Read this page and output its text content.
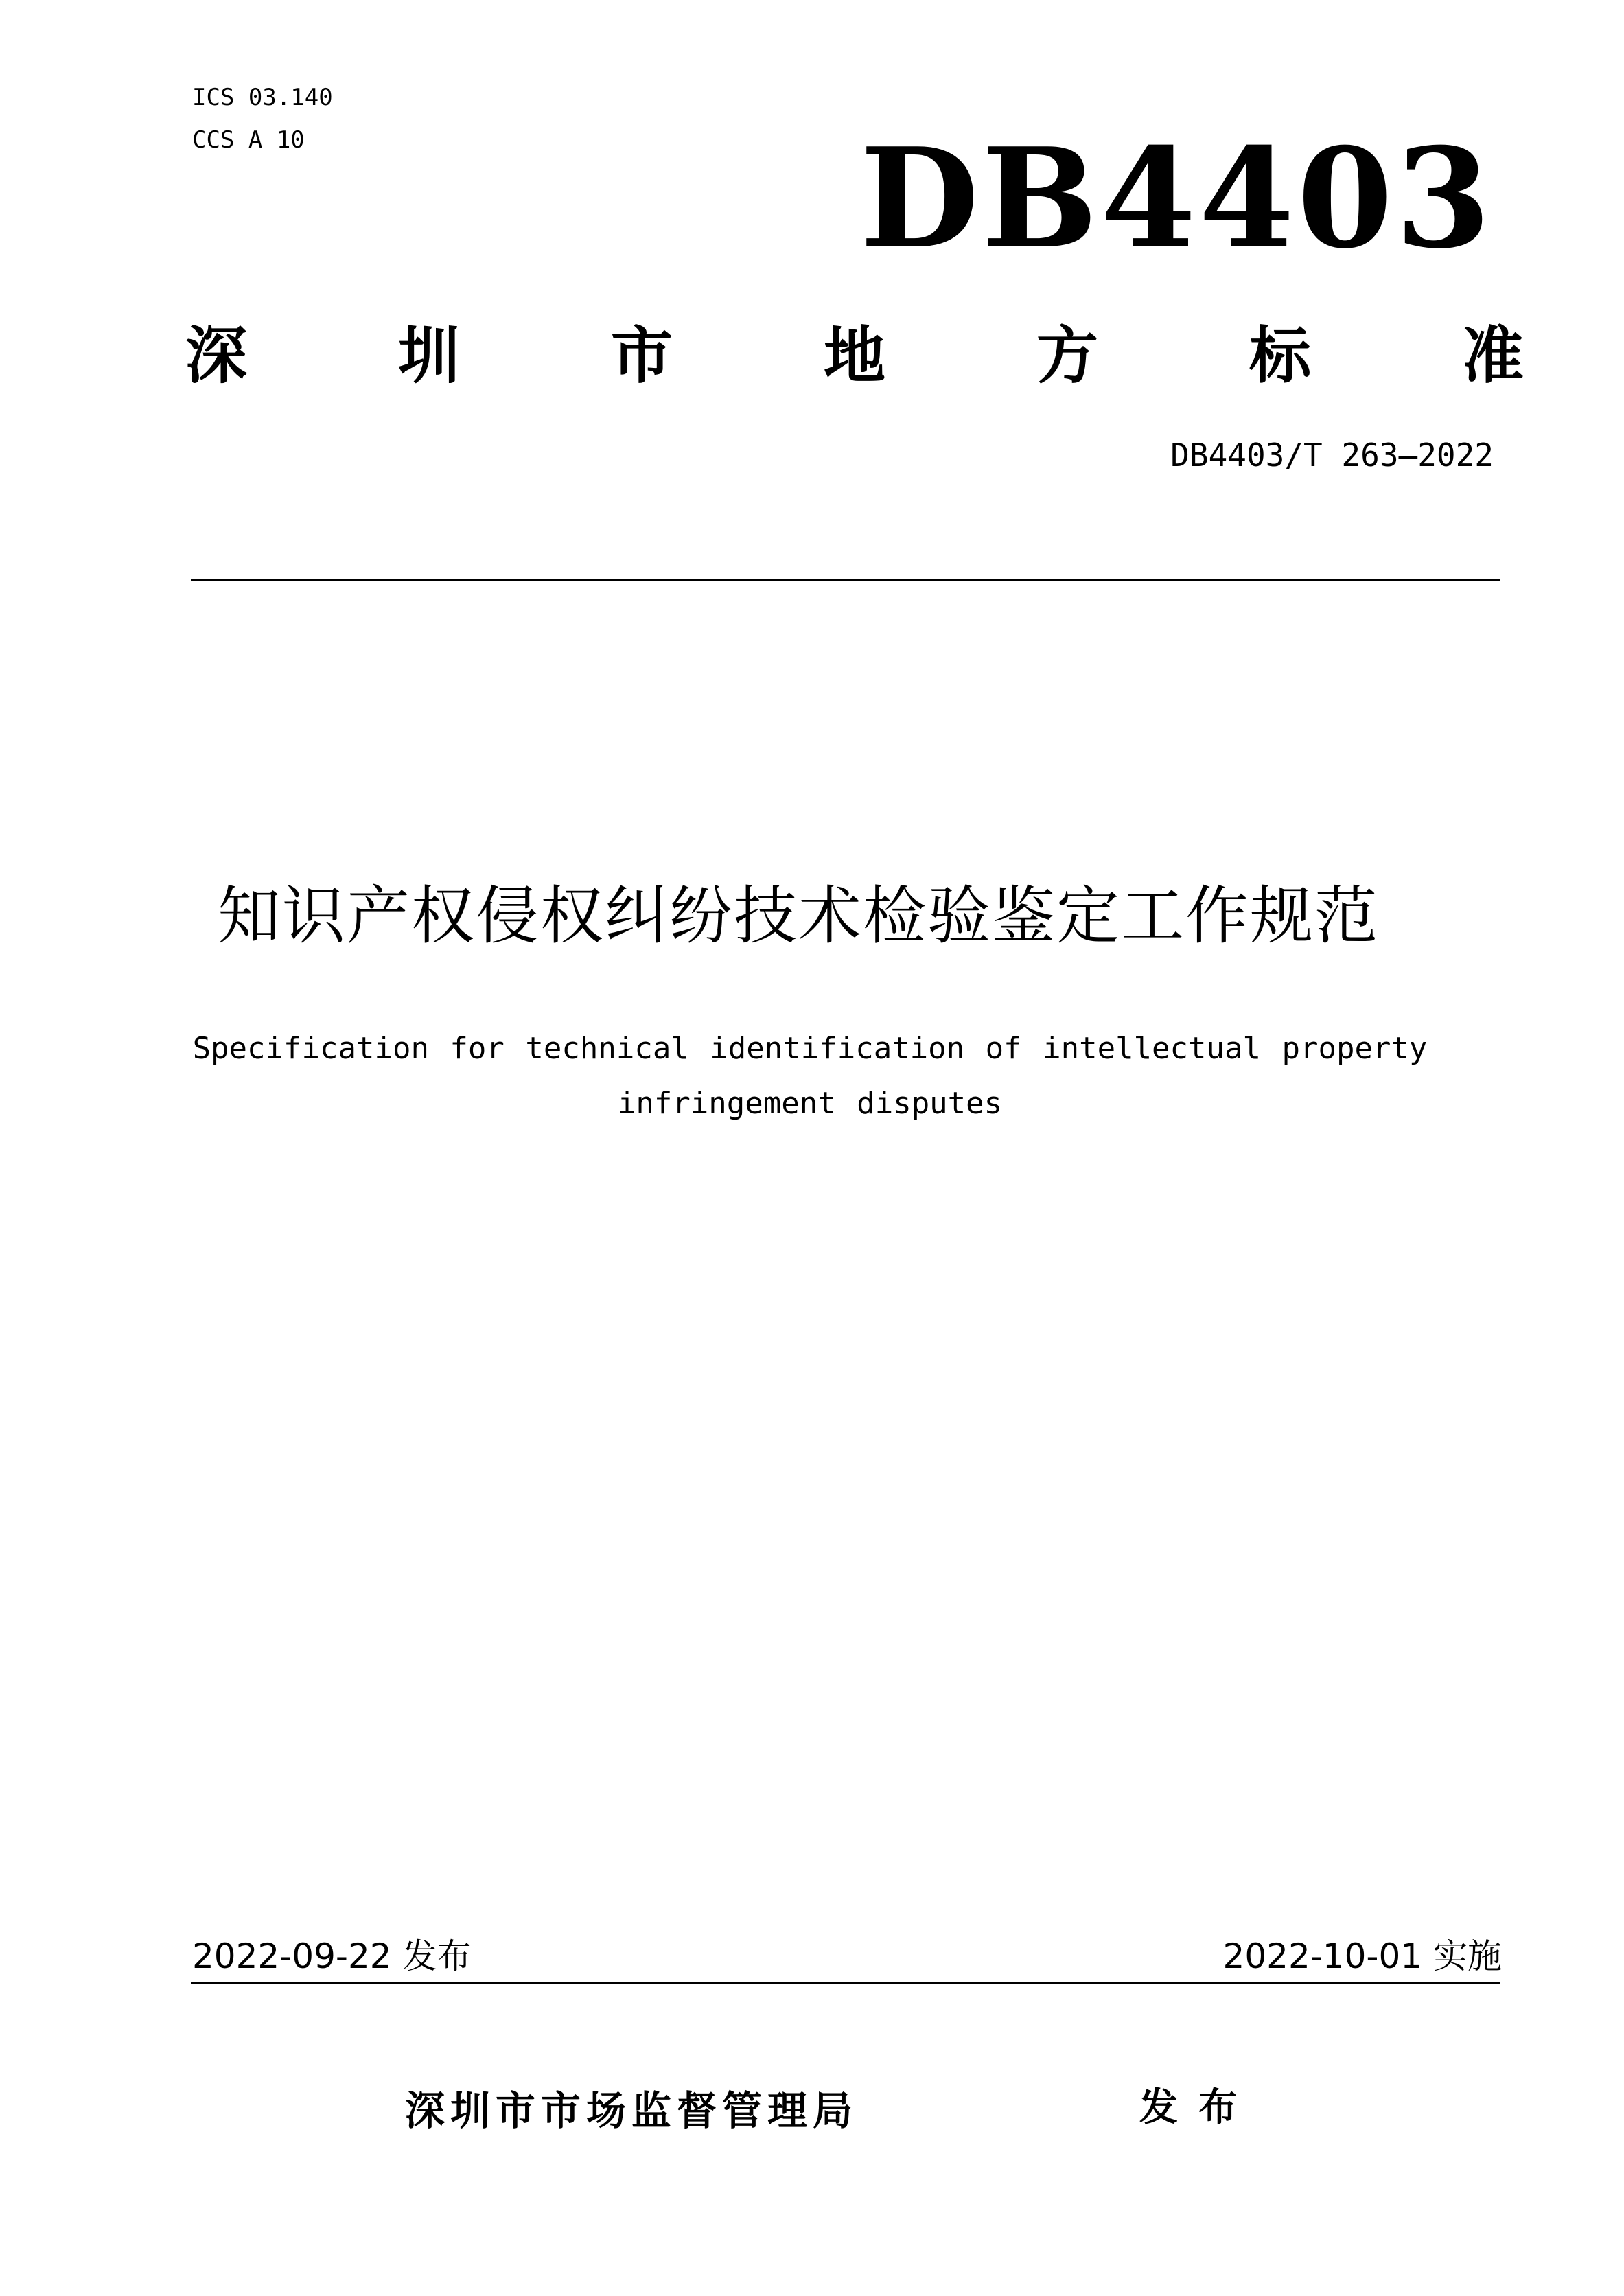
ICS 03.140
CCS A 10	DB4403
深 圳 市 地 方 标 准
DB4403/T 263—2022
知识产权侵权纠纷技术检验鉴定工作规范
Specification for technical identification of intellectual property
infringement disputes
2022-09-22 发布	2022-10-01 实施
深圳市市场监督管理局	发布
